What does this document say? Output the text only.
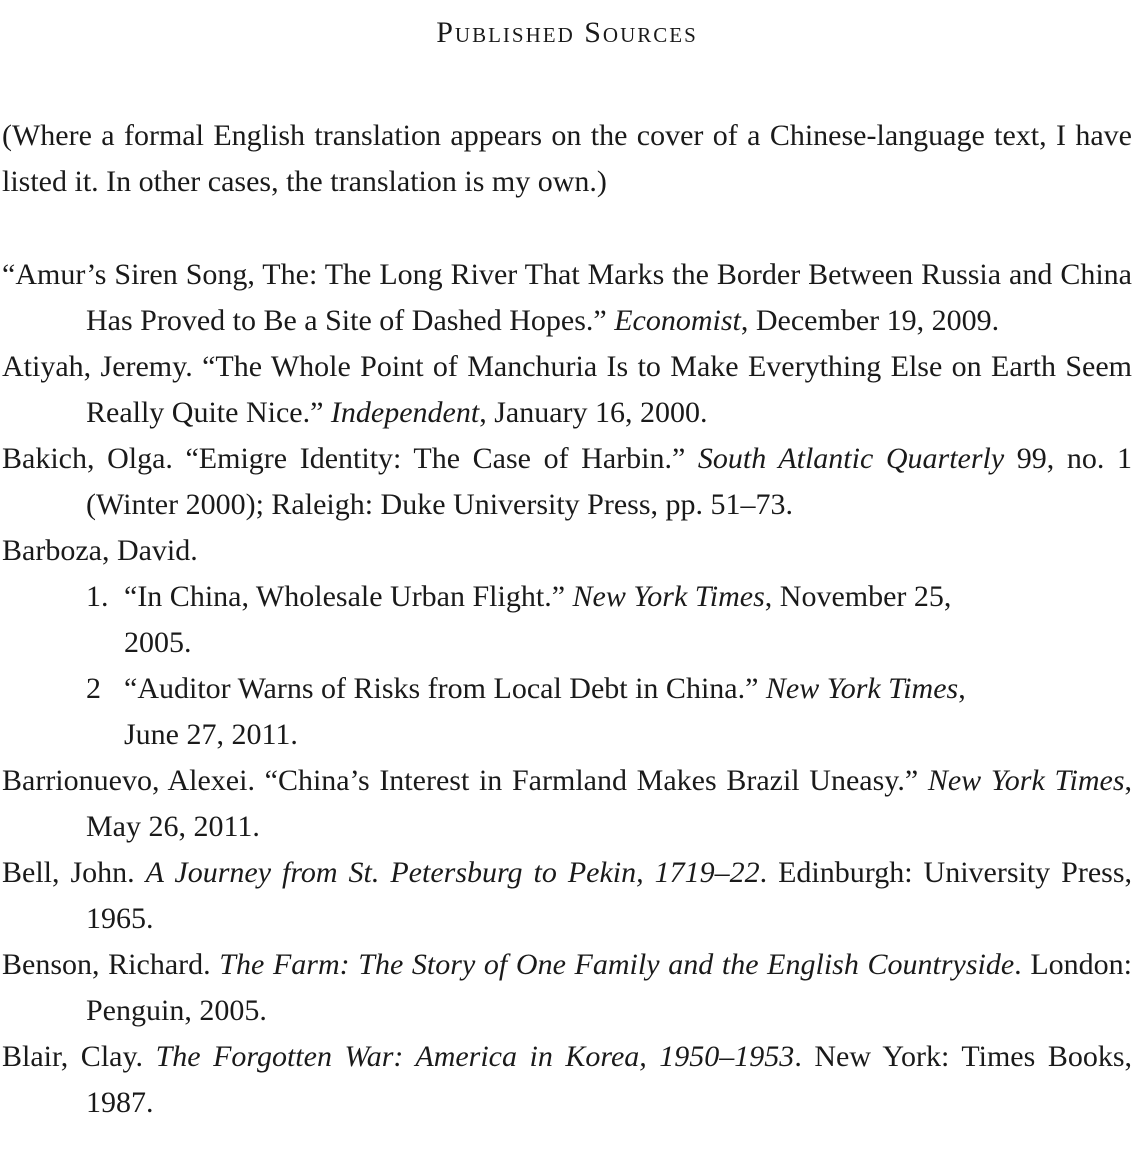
Published Sources
(Where a formal English translation appears on the cover of a Chinese-language text, I have listed it. In other cases, the translation is my own.)
“Amur’s Siren Song, The: The Long River That Marks the Border Between Russia and China Has Proved to Be a Site of Dashed Hopes.” Economist, December 19, 2009.
Atiyah, Jeremy. “The Whole Point of Manchuria Is to Make Everything Else on Earth Seem Really Quite Nice.” Independent, January 16, 2000.
Bakich, Olga. “Emigre Identity: The Case of Harbin.” South Atlantic Quarterly 99, no. 1 (Winter 2000); Raleigh: Duke University Press, pp. 51–73.
Barboza, David.
1. “In China, Wholesale Urban Flight.” New York Times, November 25, 2005.
2 “Auditor Warns of Risks from Local Debt in China.” New York Times, June 27, 2011.
Barrionuevo, Alexei. “China’s Interest in Farmland Makes Brazil Uneasy.” New York Times, May 26, 2011.
Bell, John. A Journey from St. Petersburg to Pekin, 1719–22. Edinburgh: University Press, 1965.
Benson, Richard. The Farm: The Story of One Family and the English Countryside. London: Penguin, 2005.
Blair, Clay. The Forgotten War: America in Korea, 1950–1953. New York: Times Books, 1987.
